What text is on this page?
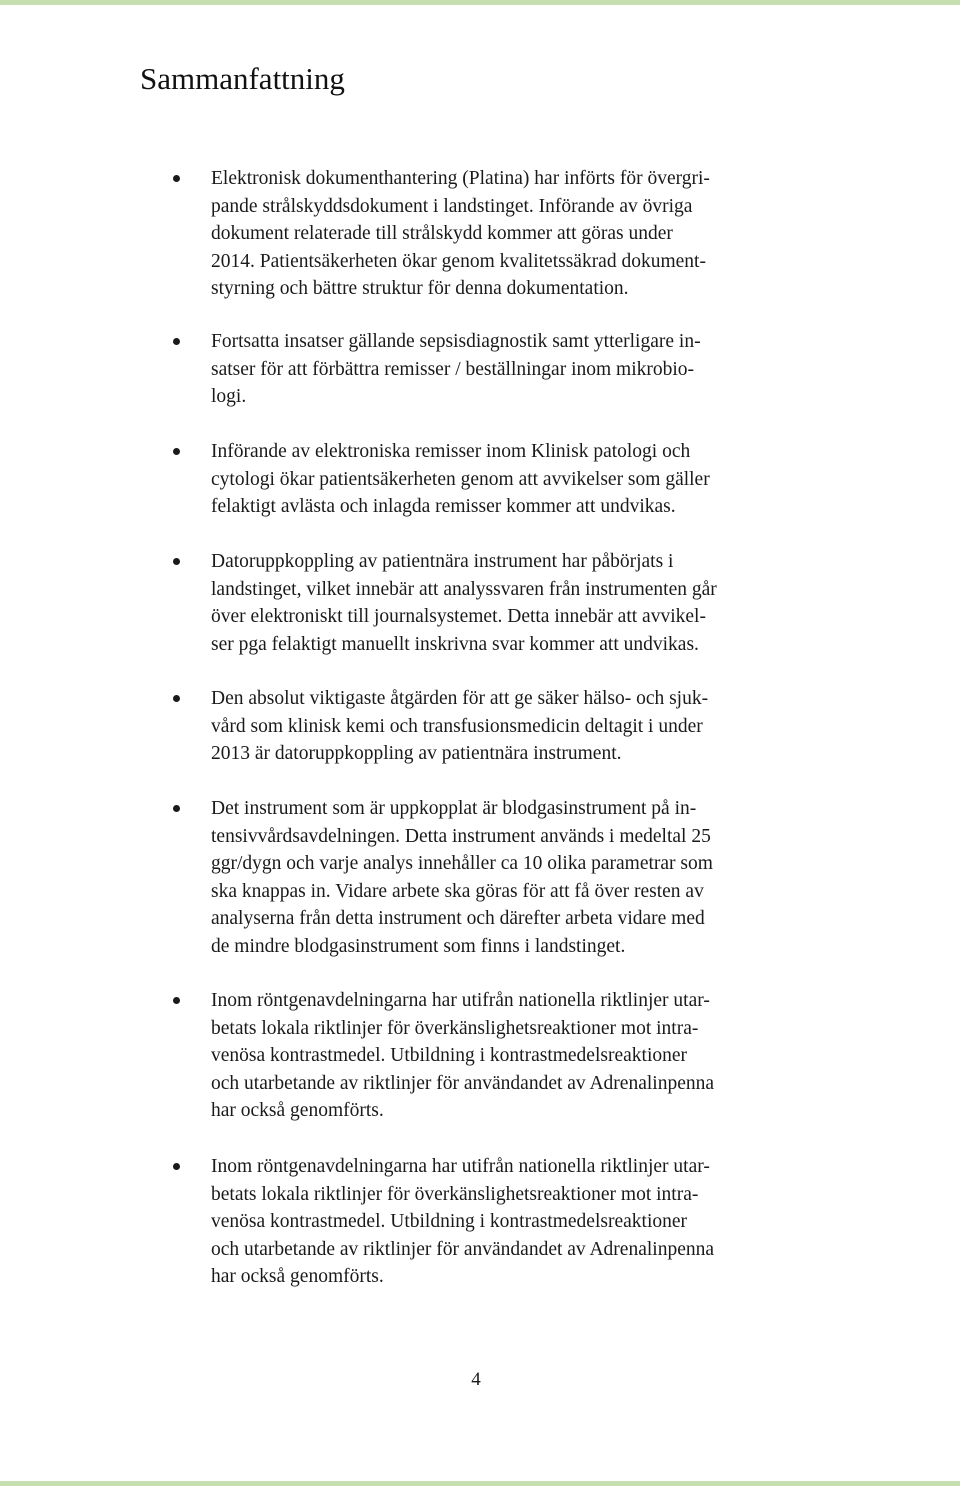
Sammanfattning
Elektronisk dokumenthantering (Platina) har införts för övergri-
pande strålskyddsdokument i landstinget. Införande av övriga
dokument relaterade till strålskydd kommer att göras under
2014. Patientsäkerheten ökar genom kvalitetssäkrad dokument-
styrning och bättre struktur för denna dokumentation.
Fortsatta insatser gällande sepsisdiagnostik samt ytterligare in-
satser för att förbättra remisser / beställningar inom mikrobio-
logi.
Införande av elektroniska remisser inom Klinisk patologi och
cytologi ökar patientsäkerheten genom att avvikelser som gäller
felaktigt avlästa och inlagda remisser kommer att undvikas.
Datoruppkoppling av patientnära instrument har påbörjats i
landstinget, vilket innebär att analyssvaren från instrumenten går
över elektroniskt till journalsystemet. Detta innebär att avvikel-
ser pga felaktigt manuellt inskrivna svar kommer att undvikas.
Den absolut viktigaste åtgärden för att ge säker hälso- och sjuk-
vård som klinisk kemi och transfusionsmedicin deltagit i under
2013 är datoruppkoppling av patientnära instrument.
Det instrument som är uppkopplat är blodgasinstrument på in-
tensivvårdsavdelningen. Detta instrument används i medeltal 25
ggr/dygn och varje analys innehåller ca 10 olika parametrar som
ska knappas in. Vidare arbete ska göras för att få över resten av
analyserna från detta instrument och därefter arbeta vidare med
de mindre blodgasinstrument som finns i landstinget.
Inom röntgenavdelningarna har utifrån nationella riktlinjer utar-
betats lokala riktlinjer för överkänslighetsreaktioner mot intra-
venösa kontrastmedel. Utbildning i kontrastmedelsreaktioner
och utarbetande av riktlinjer för användandet av Adrenalinpenna
har också genomförts.
Inom röntgenavdelningarna har utifrån nationella riktlinjer utar-
betats lokala riktlinjer för överkänslighetsreaktioner mot intra-
venösa kontrastmedel. Utbildning i kontrastmedelsreaktioner
och utarbetande av riktlinjer för användandet av Adrenalinpenna
har också genomförts.
4
